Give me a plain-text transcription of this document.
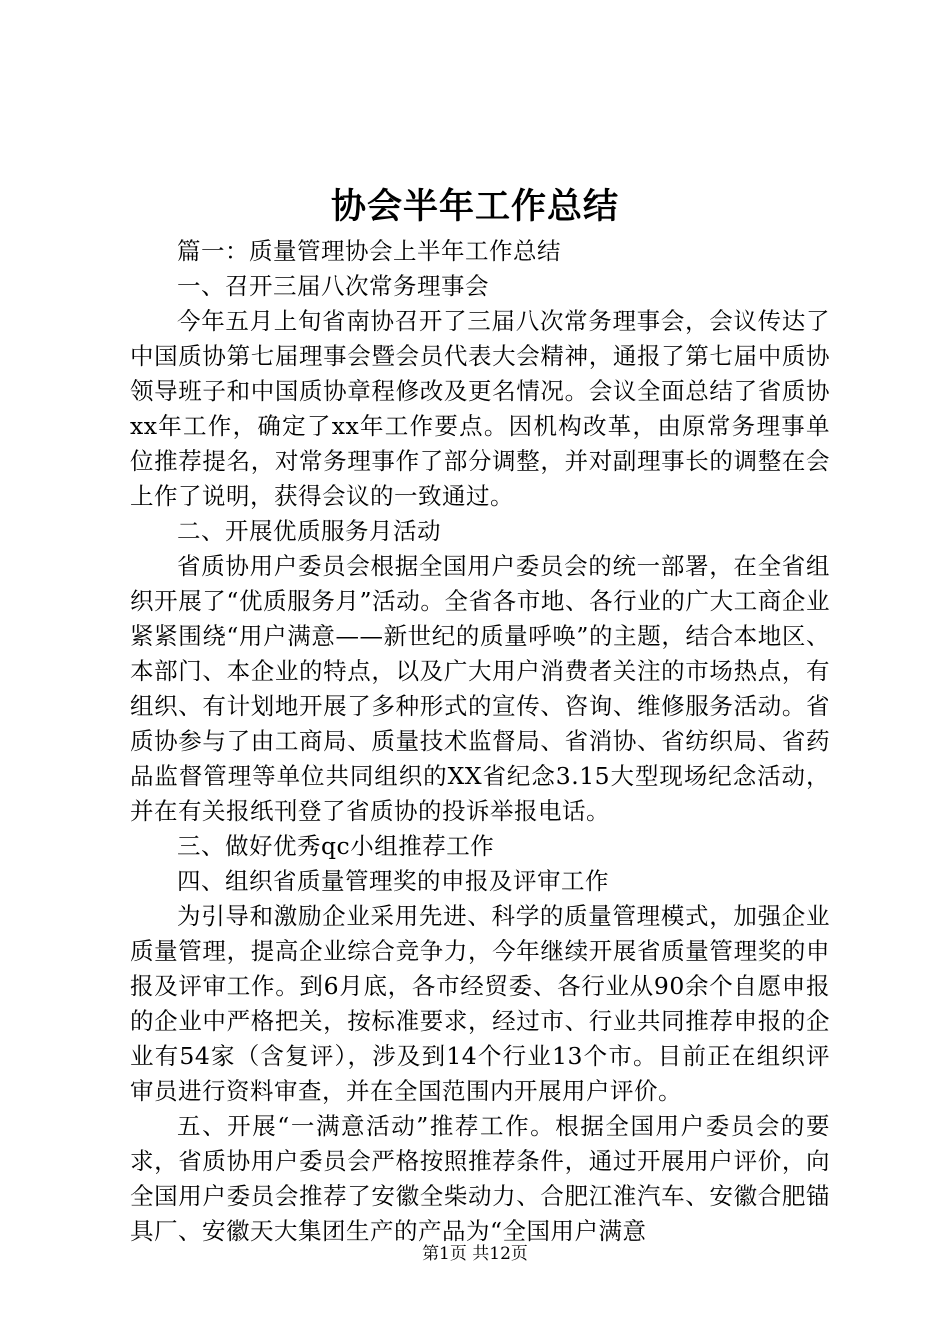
协会半年工作总结

篇一：质量管理协会上半年工作总结

一、召开三届八次常务理事会

今年五月上旬省南协召开了三届八次常务理事会，会议传达了中国质协第七届理事会暨会员代表大会精神，通报了第七届中质协领导班子和中国质协章程修改及更名情况。会议全面总结了省质协xx年工作，确定了xx年工作要点。因机构改革，由原常务理事单位推荐提名，对常务理事作了部分调整，并对副理事长的调整在会上作了说明，获得会议的一致通过。

二、开展优质服务月活动

省质协用户委员会根据全国用户委员会的统一部署，在全省组织开展了“优质服务月”活动。全省各市地、各行业的广大工商企业紧紧围绕“用户满意——新世纪的质量呼唤”的主题，结合本地区、本部门、本企业的特点，以及广大用户消费者关注的市场热点，有组织、有计划地开展了多种形式的宣传、咨询、维修服务活动。省质协参与了由工商局、质量技术监督局、省消协、省纺织局、省药品监督管理等单位共同组织的XX省纪念3.15大型现场纪念活动，并在有关报纸刊登了省质协的投诉举报电话。

三、做好优秀qc小组推荐工作

四、组织省质量管理奖的申报及评审工作

为引导和激励企业采用先进、科学的质量管理模式，加强企业质量管理，提高企业综合竞争力，今年继续开展省质量管理奖的申报及评审工作。到6月底，各市经贸委、各行业从90余个自愿申报的企业中严格把关，按标准要求，经过市、行业共同推荐申报的企业有54家（含复评），涉及到14个行业13个市。目前正在组织评审员进行资料审查，并在全国范围内开展用户评价。

五、开展“一满意活动”推荐工作。根据全国用户委员会的要求，省质协用户委员会严格按照推荐条件，通过开展用户评价，向全国用户委员会推荐了安徽全柴动力、合肥江淮汽车、安徽合肥锚具厂、安徽天大集团生产的产品为“全国用户满意

第1页 共12页
